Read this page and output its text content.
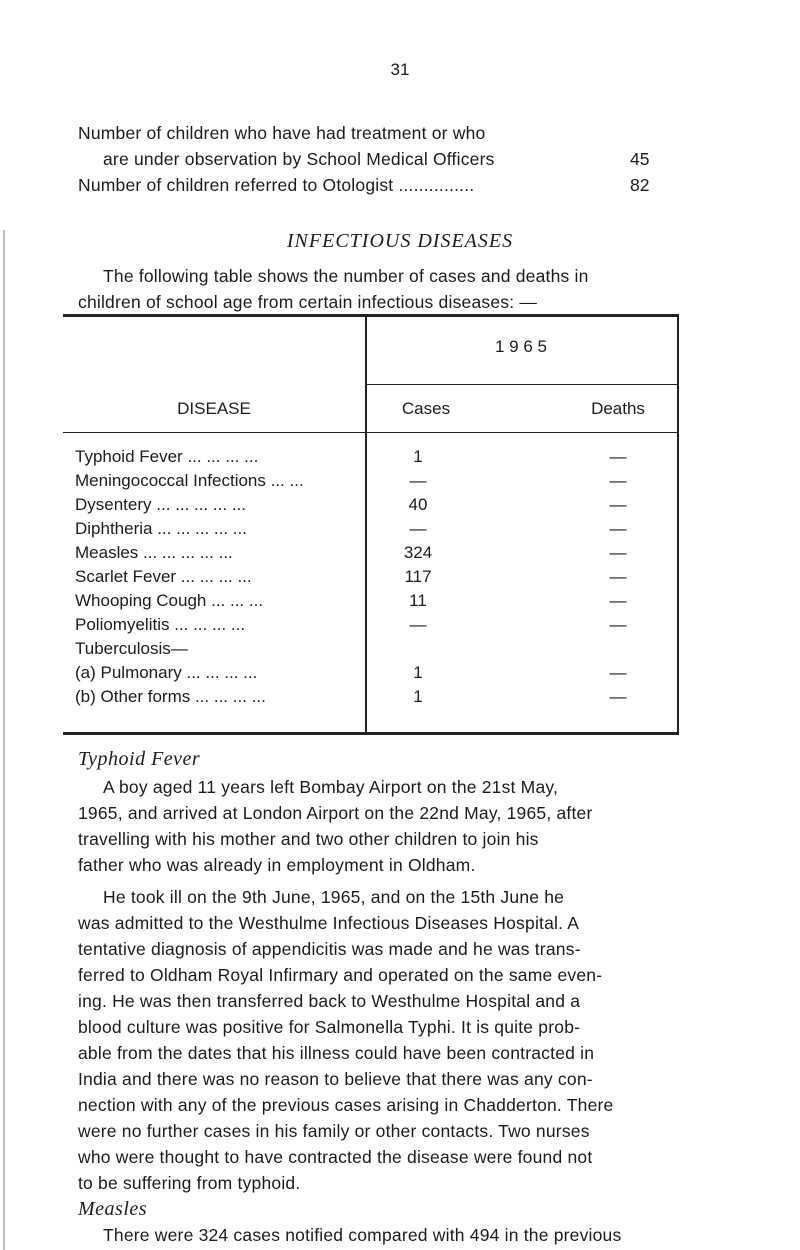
31
Number of children who have had treatment or who
are under observation by School Medical Officers	45
Number of children referred to Otologist ...............	82
INFECTIOUS DISEASES
The following table shows the number of cases and deaths in
children of school age from certain infectious diseases: —
1 9 6 5
DISEASE	Cases	Deaths
Typhoid Fever ... ... ... ...	1	—
Meningococcal Infections ... ...	—	—
Dysentery ... ... ... ... ...	40	—
Diphtheria ... ... ... ... ...	—	—
Measles ... ... ... ... ...	324	—
Scarlet Fever ... ... ... ...	117	—
Whooping Cough ... ... ...	11	—
Poliomyelitis ... ... ... ...	—	—
Tuberculosis—
(a) Pulmonary ... ... ... ...	1	—
(b) Other forms ... ... ... ...	1	—
Typhoid Fever
A boy aged 11 years left Bombay Airport on the 21st May,
1965, and arrived at London Airport on the 22nd May, 1965, after
travelling with his mother and two other children to join his
father who was already in employment in Oldham.
He took ill on the 9th June, 1965, and on the 15th June he
was admitted to the Westhulme Infectious Diseases Hospital. A
tentative diagnosis of appendicitis was made and he was trans-
ferred to Oldham Royal Infirmary and operated on the same even-
ing. He was then transferred back to Westhulme Hospital and a
blood culture was positive for Salmonella Typhi. It is quite prob-
able from the dates that his illness could have been contracted in
India and there was no reason to believe that there was any con-
nection with any of the previous cases arising in Chadderton. There
were no further cases in his family or other contacts. Two nurses
who were thought to have contracted the disease were found not
to be suffering from typhoid.
Measles
There were 324 cases notified compared with 494 in the previous
